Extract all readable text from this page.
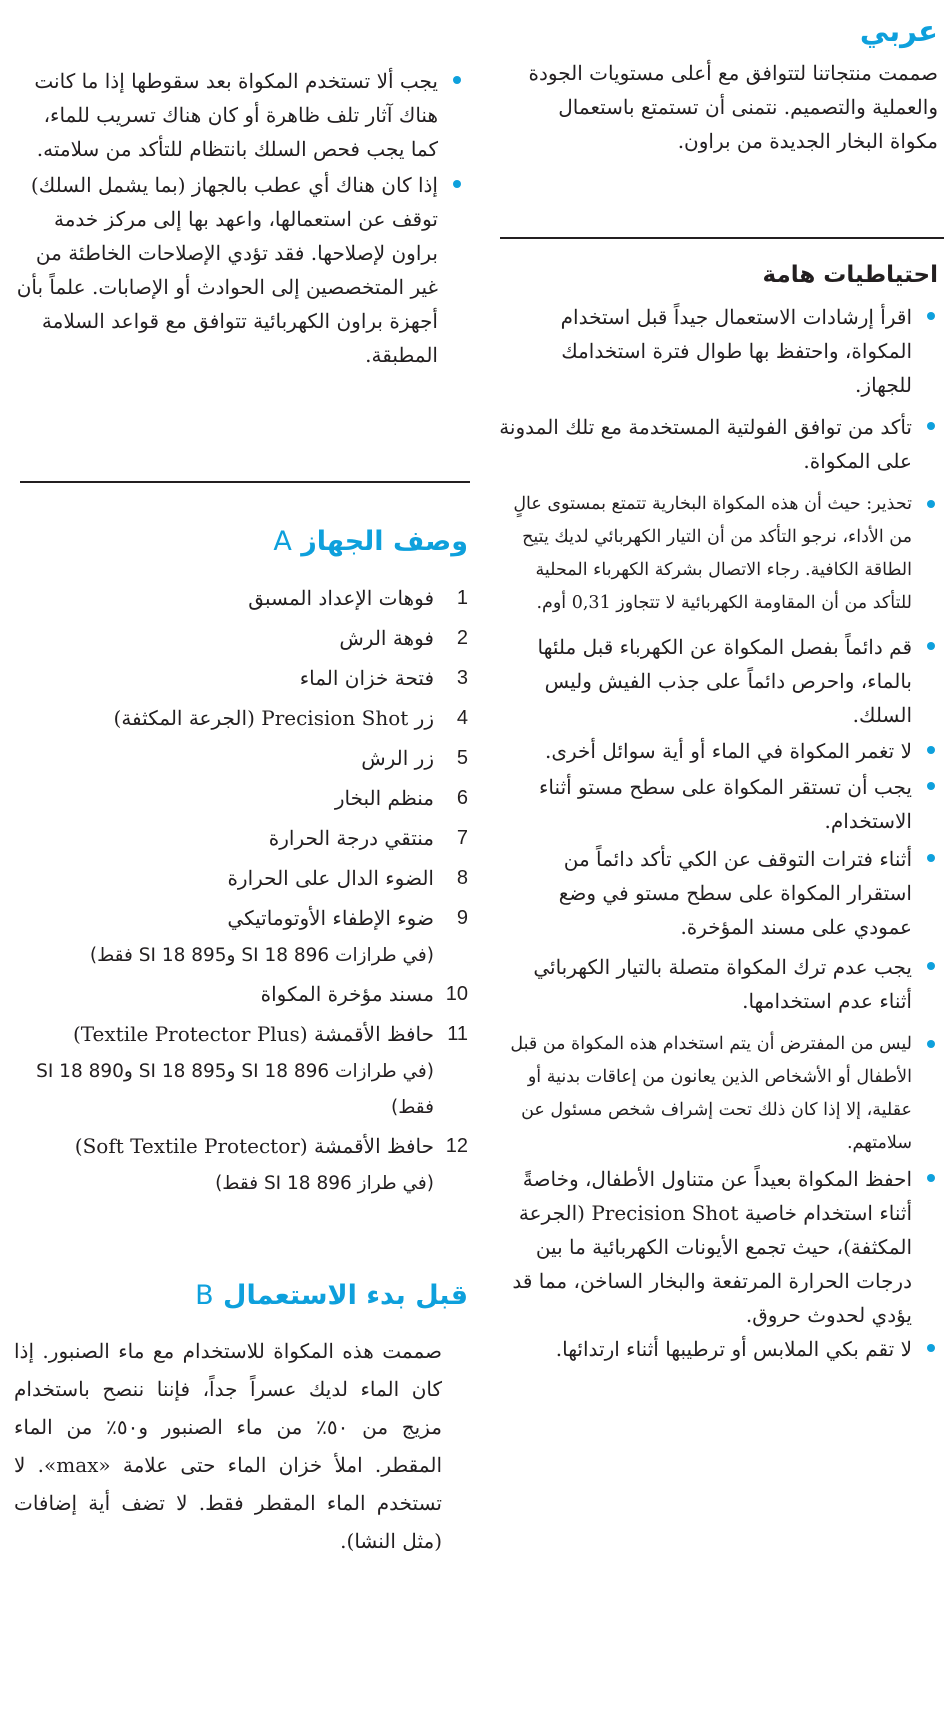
عربي

صممت منتجاتنا لتتوافق مع أعلى مستويات الجودة والعملية والتصميم. نتمنى أن تستمتع باستعمال مكواة البخار الجديدة من براون.

احتياطيات هامة
اقرأ إرشادات الاستعمال جيداً قبل استخدام المكواة، واحتفظ بها طوال فترة استخدامك للجهاز.
تأكد من توافق الفولتية المستخدمة مع تلك المدونة على المكواة.
تحذير: حيث أن هذه المكواة البخارية تتمتع بمستوى عالٍ من الأداء، نرجو التأكد من أن التيار الكهربائي لديك يتيح الطاقة الكافية. رجاء الاتصال بشركة الكهرباء المحلية للتأكد من أن المقاومة الكهربائية لا تتجاوز 0,31 أوم.
قم دائماً بفصل المكواة عن الكهرباء قبل ملئها بالماء، واحرص دائماً على جذب الفيش وليس السلك.
لا تغمر المكواة في الماء أو أية سوائل أخرى.
يجب أن تستقر المكواة على سطح مستو أثناء الاستخدام.
أثناء فترات التوقف عن الكي تأكد دائماً من استقرار المكواة على سطح مستو في وضع عمودي على مسند المؤخرة.
يجب عدم ترك المكواة متصلة بالتيار الكهربائي أثناء عدم استخدامها.
ليس من المفترض أن يتم استخدام هذه المكواة من قبل الأطفال أو الأشخاص الذين يعانون من إعاقات بدنية أو عقلية، إلا إذا كان ذلك تحت إشراف شخص مسئول عن سلامتهم.
احفظ المكواة بعيداً عن متناول الأطفال، وخاصةً أثناء استخدام خاصية Precision Shot (الجرعة المكثفة)، حيث تجمع الأيونات الكهربائية ما بين درجات الحرارة المرتفعة والبخار الساخن، مما قد يؤدي لحدوث حروق.
لا تقم بكي الملابس أو ترطيبها أثناء ارتدائها.
يجب ألا تستخدم المكواة بعد سقوطها إذا ما كانت هناك آثار تلف ظاهرة أو كان هناك تسريب للماء، كما يجب فحص السلك بانتظام للتأكد من سلامته.
إذا كان هناك أي عطب بالجهاز (بما يشمل السلك) توقف عن استعمالها، واعهد بها إلى مركز خدمة براون لإصلاحها. فقد تؤدي الإصلاحات الخاطئة من غير المتخصصين إلى الحوادث أو الإصابات. علماً بأن أجهزة براون الكهربائية تتوافق مع قواعد السلامة المطبقة.
وصف الجهاز A
1
فوهات الإعداد المسبق
2
فوهة الرش
3
فتحة خزان الماء
4
زر Precision Shot (الجرعة المكثفة)
5
زر الرش
6
منظم البخار
7
منتقي درجة الحرارة
8
الضوء الدال على الحرارة
9
ضوء الإطفاء الأوتوماتيكي
(في طرازات SI 18 896 وSI 18 895 فقط)
10
مسند مؤخرة المكواة
11
حافظ الأقمشة (Textile Protector Plus)
(في طرازات SI 18 896 وSI 18 895 وSI 18 890 فقط)
12
حافظ الأقمشة (Soft Textile Protector)
(في طراز SI 18 896 فقط)
قبل بدء الاستعمال B

صممت هذه المكواة للاستخدام مع ماء الصنبور. إذا كان الماء لديك عسراً جداً، فإننا ننصح باستخدام مزيج من ٥٠٪ من ماء الصنبور و٥٠٪ من الماء المقطر. املأ خزان الماء حتى علامة «max». لا تستخدم الماء المقطر فقط. لا تضف أية إضافات (مثل النشا).
